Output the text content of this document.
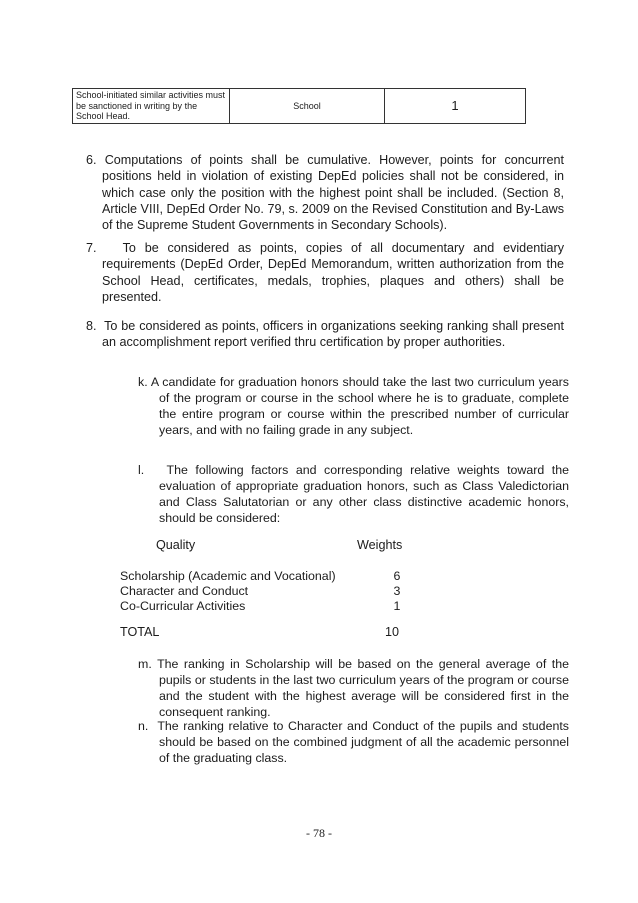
School-initiated similar activities must be sanctioned in writing by the School Head.	School	1

6. Computations of points shall be cumulative. However, points for concurrent positions held in violation of existing DepEd policies shall not be considered, in which case only the position with the highest point shall be included. (Section 8, Article VIII, DepEd Order No. 79, s. 2009 on the Revised Constitution and By-Laws of the Supreme Student Governments in Secondary Schools).

7. To be considered as points, copies of all documentary and evidentiary requirements (DepEd Order, DepEd Memorandum, written authorization from the School Head, certificates, medals, trophies, plaques and others) shall be presented.

8. To be considered as points, officers in organizations seeking ranking shall present an accomplishment report verified thru certification by proper authorities.

k. A candidate for graduation honors should take the last two curriculum years of the program or course in the school where he is to graduate, complete the entire program or course within the prescribed number of curricular years, and with no failing grade in any subject.

l. The following factors and corresponding relative weights toward the evaluation of appropriate graduation honors, such as Class Valedictorian and Class Salutatorian or any other class distinctive academic honors, should be considered:

Quality	Weights
Scholarship (Academic and Vocational)	6
Character and Conduct	3
Co-Curricular Activities	1
TOTAL	10

m. The ranking in Scholarship will be based on the general average of the pupils or students in the last two curriculum years of the program or course and the student with the highest average will be considered first in the consequent ranking.

n. The ranking relative to Character and Conduct of the pupils and students should be based on the combined judgment of all the academic personnel of the graduating class.

- 78 -
